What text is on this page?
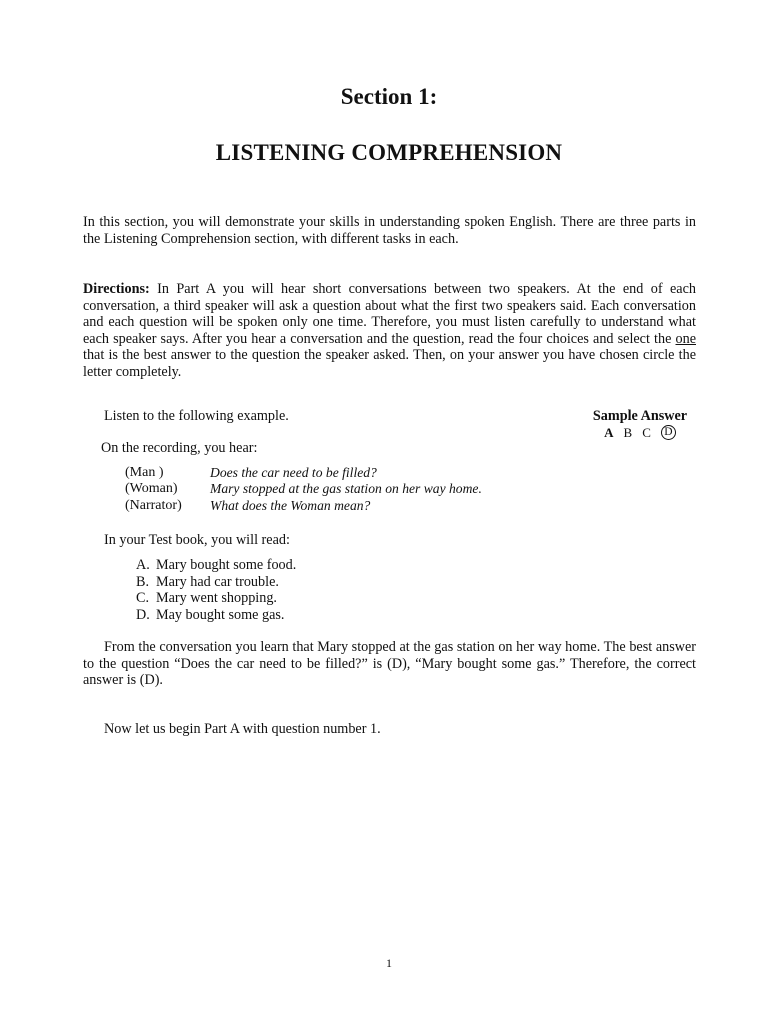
Section 1:
LISTENING COMPREHENSION

In this section, you will demonstrate your skills in understanding spoken English. There are three parts in the Listening Comprehension section, with different tasks in each.

Directions: In Part A you will hear short conversations between two speakers. At the end of each conversation, a third speaker will ask a question about what the first two speakers said. Each conversation and each question will be spoken only one time. Therefore, you must listen carefully to understand what each speaker says. After you hear a conversation and the question, read the four choices and select the one that is the best answer to the question the speaker asked. Then, on your answer you have chosen circle the letter completely.

Listen to the following example.	Sample Answer

A B C D

On the recording, you hear:

(Man )	Does the car need to be filled?
(Woman)	Mary stopped at the gas station on her way home.
(Narrator)	What does the Woman mean?

In your Test book, you will read:

A. Mary bought some food.
B. Mary had car trouble.
C. Mary went shopping.
D. May bought some gas.

From the conversation you learn that Mary stopped at the gas station on her way home. The best answer to the question “Does the car need to be filled?” is (D), “Mary bought some gas.” Therefore, the correct answer is (D).

Now let us begin Part A with question number 1.

1
